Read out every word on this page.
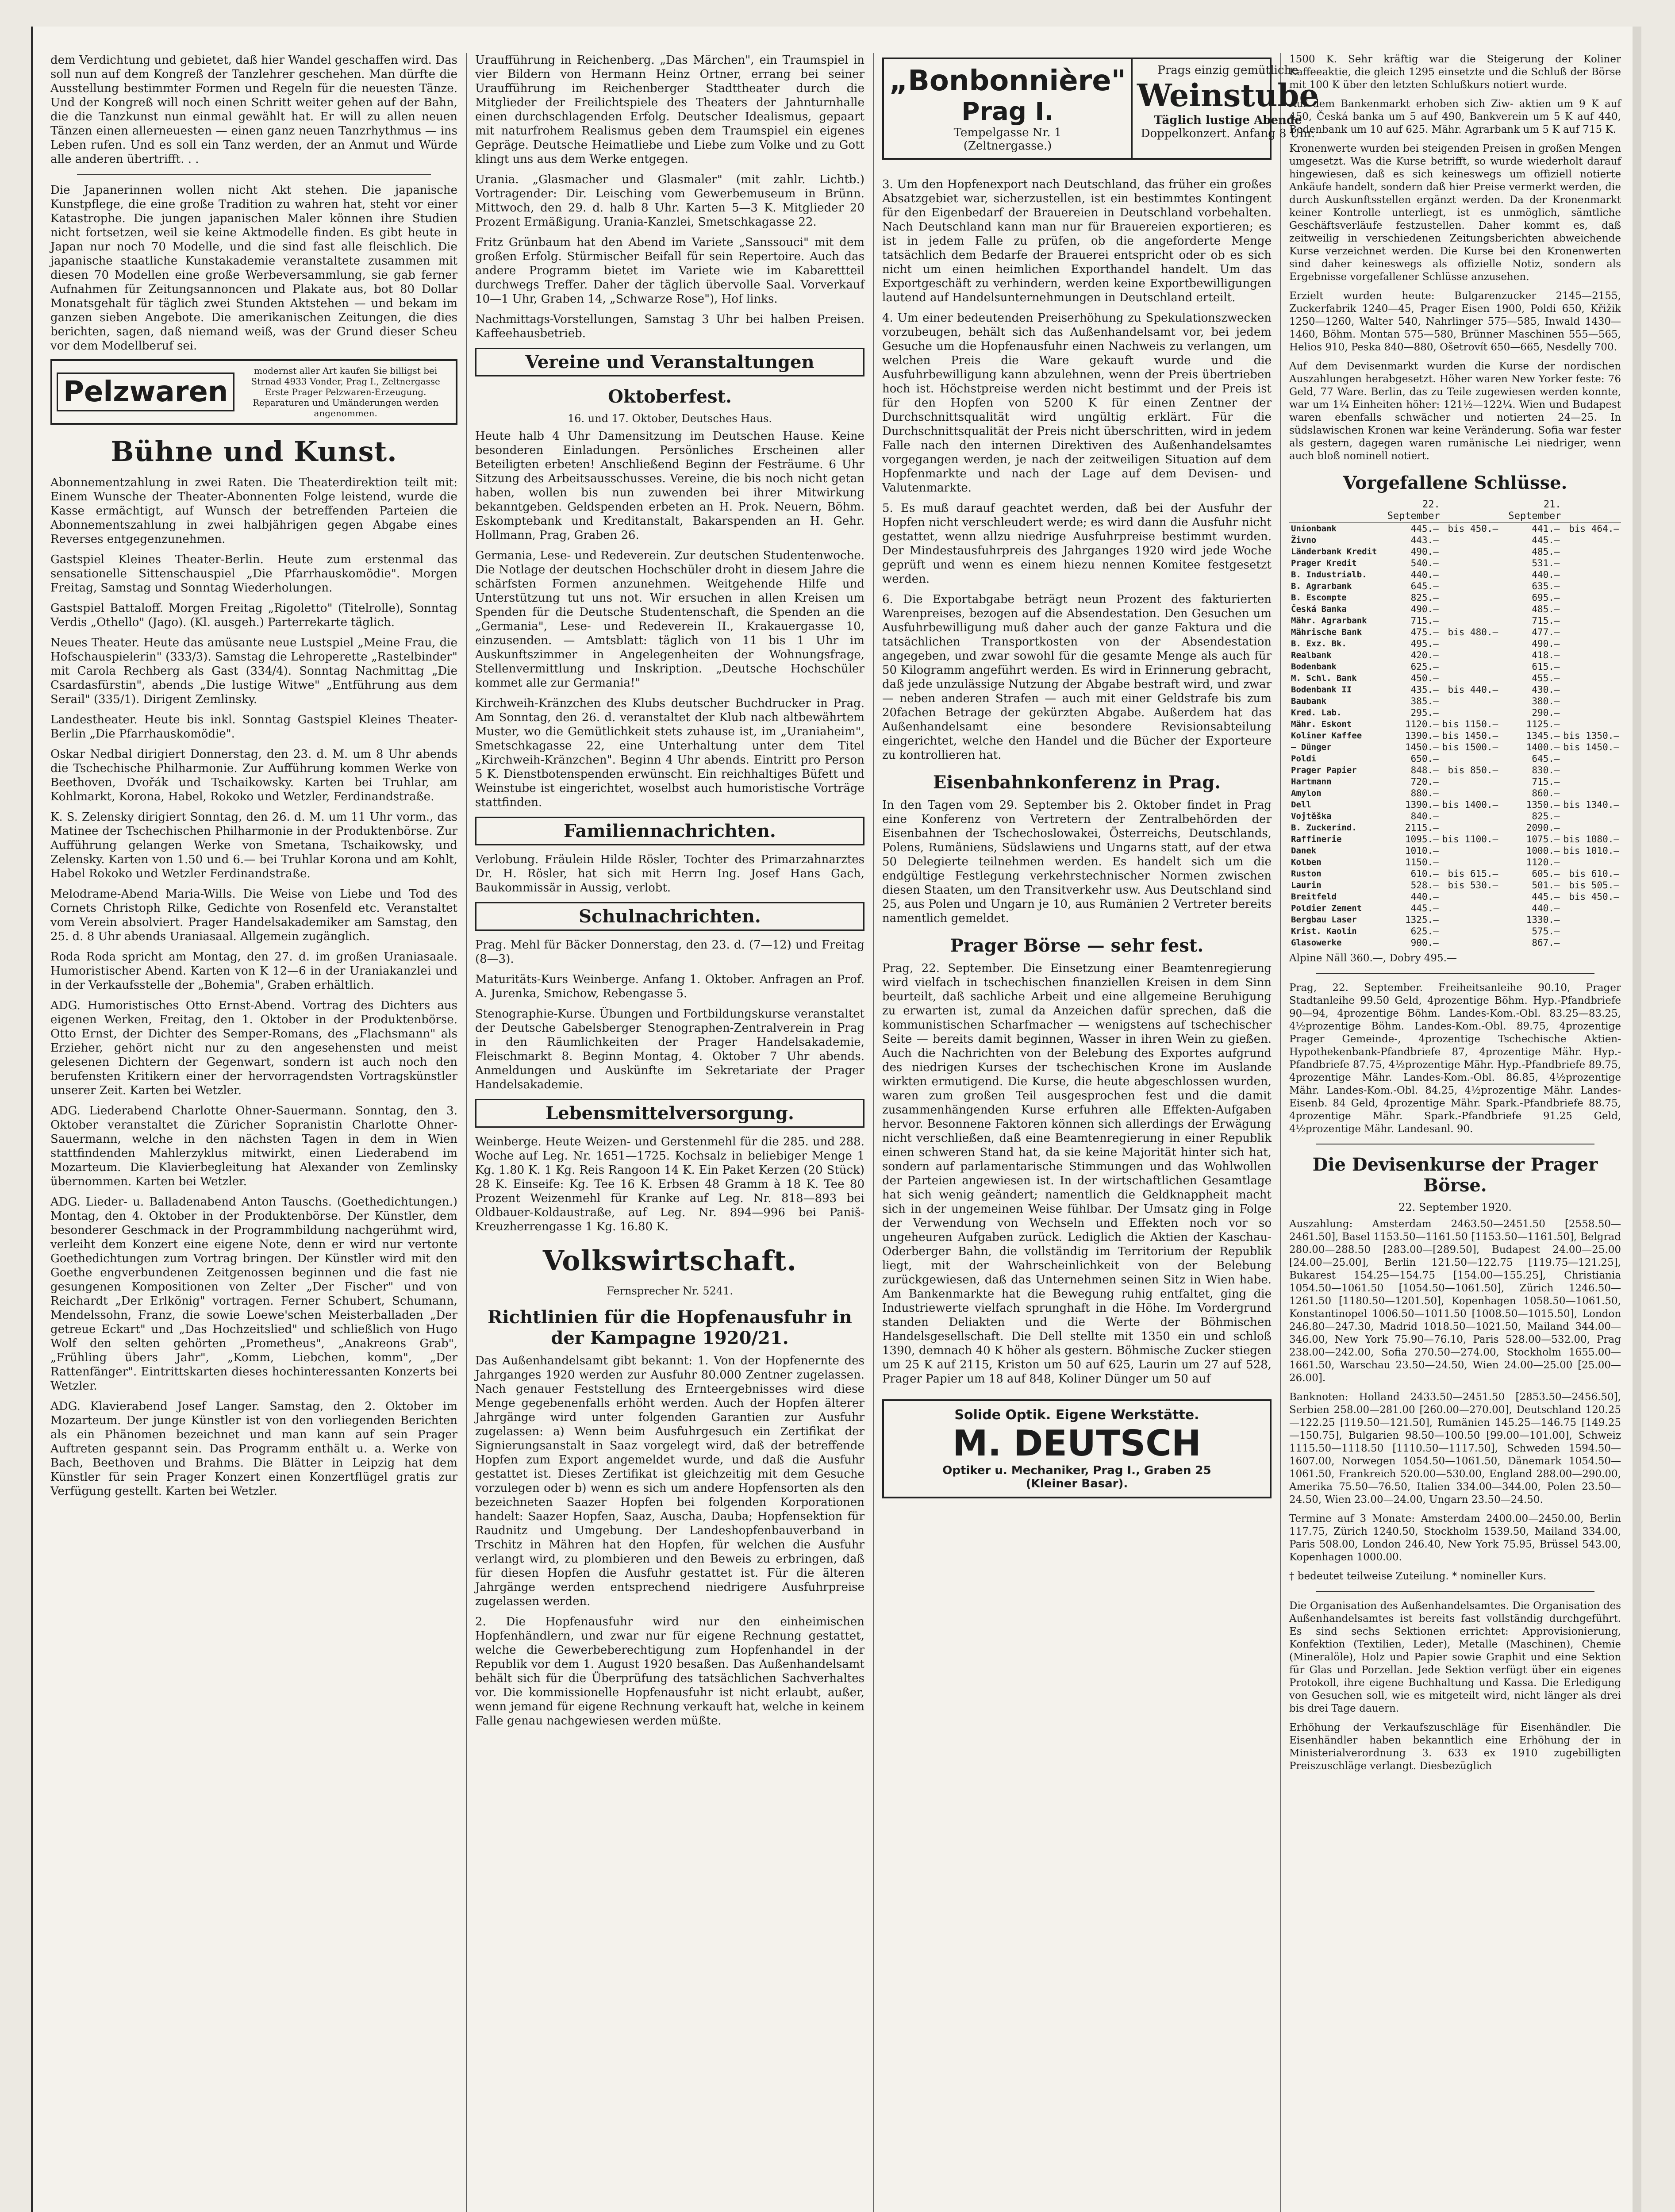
dem Verdichtung und gebietet, daß hier Wandel geschaffen wird. Das soll nun auf dem Kongreß der Tanzlehrer geschehen. Man dürfte die Ausstellung bestimmter Formen und Regeln für die neuesten Tänze. Und der Kongreß will noch einen Schritt weiter gehen auf der Bahn, die die Tanzkunst nun einmal gewählt hat. Er will zu allen neuen Tänzen einen allerneuesten — einen ganz neuen Tanzrhythmus — ins Leben rufen. Und es soll ein Tanz werden, der an Anmut und Würde alle anderen übertrifft. . .

Die Japanerinnen wollen nicht Akt stehen. Die japanische Kunstpflege, die eine große Tradition zu wahren hat, steht vor einer Katastrophe. Die jungen japanischen Maler können ihre Studien nicht fortsetzen, weil sie keine Aktmodelle finden. Es gibt heute in Japan nur noch 70 Modelle, und die sind fast alle fleischlich. Die japanische staatliche Kunstakademie veranstaltete zusammen mit diesen 70 Modellen eine große Werbeversammlung, sie gab ferner Aufnahmen für Zeitungsannoncen und Plakate aus, bot 80 Dollar Monatsgehalt für täglich zwei Stunden Aktstehen — und bekam im ganzen sieben Angebote. Die amerikanischen Zeitungen, die dies berichten, sagen, daß niemand weiß, was der Grund dieser Scheu vor dem Modellberuf sei.

Pelzwaren
modernst aller Art kaufen Sie billigst bei Strnad 4933 Vonder, Prag I., Zeltnergasse Erste Prager Pelzwaren-Erzeugung. Reparaturen und Umänderungen werden angenommen.
Bühne und Kunst.

Abonnementzahlung in zwei Raten. Die Theaterdirektion teilt mit: Einem Wunsche der Theater-Abonnenten Folge leistend, wurde die Kasse ermächtigt, auf Wunsch der betreffenden Parteien die Abonnementszahlung in zwei halbjährigen gegen Abgabe eines Reverses entgegenzunehmen.

Gastspiel Kleines Theater-Berlin. Heute zum erstenmal das sensationelle Sittenschauspiel „Die Pfarrhauskomödie". Morgen Freitag, Samstag und Sonntag Wiederholungen.

Gastspiel Battaloff. Morgen Freitag „Rigoletto" (Titelrolle), Sonntag Verdis „Othello" (Jago). (Kl. ausgeh.) Parterrekarte täglich.

Neues Theater. Heute das amüsante neue Lustspiel „Meine Frau, die Hofschauspielerin" (333/3). Samstag die Lehroperette „Rastelbinder" mit Carola Rechberg als Gast (334/4). Sonntag Nachmittag „Die Csardasfürstin", abends „Die lustige Witwe" „Entführung aus dem Serail" (335/1). Dirigent Zemlinsky.

Landestheater. Heute bis inkl. Sonntag Gastspiel Kleines Theater-Berlin „Die Pfarrhauskomödie".

Oskar Nedbal dirigiert Donnerstag, den 23. d. M. um 8 Uhr abends die Tschechische Philharmonie. Zur Aufführung kommen Werke von Beethoven, Dvořák und Tschaikowsky. Karten bei Truhlar, am Kohlmarkt, Korona, Habel, Rokoko und Wetzler, Ferdinandstraße.

K. S. Zelensky dirigiert Sonntag, den 26. d. M. um 11 Uhr vorm., das Matinee der Tschechischen Philharmonie in der Produktenbörse. Zur Aufführung gelangen Werke von Smetana, Tschaikowsky, und Zelensky. Karten von 1.50 und 6.— bei Truhlar Korona und am Kohlt, Habel Rokoko und Wetzler Ferdinandstraße.

Melodrame-Abend Maria-Wills. Die Weise von Liebe und Tod des Cornets Christoph Rilke, Gedichte von Rosenfeld etc. Veranstaltet vom Verein absolviert. Prager Handelsakademiker am Samstag, den 25. d. 8 Uhr abends Uraniasaal. Allgemein zugänglich.

Roda Roda spricht am Montag, den 27. d. im großen Uraniasaale. Humoristischer Abend. Karten von K 12—6 in der Uraniakanzlei und in der Verkaufsstelle der „Bohemia", Graben erhältlich.

ADG. Humoristisches Otto Ernst-Abend. Vortrag des Dichters aus eigenen Werken, Freitag, den 1. Oktober in der Produktenbörse. Otto Ernst, der Dichter des Semper-Romans, des „Flachsmann" als Erzieher, gehört nicht nur zu den angesehensten und meist gelesenen Dichtern der Gegenwart, sondern ist auch noch den berufensten Kritikern einer der hervorragendsten Vortragskünstler unserer Zeit. Karten bei Wetzler.

ADG. Liederabend Charlotte Ohner-Sauermann. Sonntag, den 3. Oktober veranstaltet die Züricher Sopranistin Charlotte Ohner-Sauermann, welche in den nächsten Tagen in dem in Wien stattfindenden Mahlerzyklus mitwirkt, einen Liederabend im Mozarteum. Die Klavierbegleitung hat Alexander von Zemlinsky übernommen. Karten bei Wetzler.

ADG. Lieder- u. Balladenabend Anton Tauschs. (Goethedichtungen.) Montag, den 4. Oktober in der Produktenbörse. Der Künstler, dem besonderer Geschmack in der Programmbildung nachgerühmt wird, verleiht dem Konzert eine eigene Note, denn er wird nur vertonte Goethedichtungen zum Vortrag bringen. Der Künstler wird mit den Goethe engverbundenen Zeitgenossen beginnen und die fast nie gesungenen Kompositionen von Zelter „Der Fischer" und von Reichardt „Der Erlkönig" vortragen. Ferner Schubert, Schumann, Mendelssohn, Franz, die sowie Loewe'schen Meisterballaden „Der getreue Eckart" und „Das Hochzeitslied" und schließlich von Hugo Wolf den selten gehörten „Prometheus", „Anakreons Grab", „Frühling übers Jahr", „Komm, Liebchen, komm", „Der Rattenfänger". Eintrittskarten dieses hochinteressanten Konzerts bei Wetzler.

ADG. Klavierabend Josef Langer. Samstag, den 2. Oktober im Mozarteum. Der junge Künstler ist von den vorliegenden Berichten als ein Phänomen bezeichnet und man kann auf sein Prager Auftreten gespannt sein. Das Programm enthält u. a. Werke von Bach, Beethoven und Brahms. Die Blätter in Leipzig hat dem Künstler für sein Prager Konzert einen Konzertflügel gratis zur Verfügung gestellt. Karten bei Wetzler.

Uraufführung in Reichenberg. „Das Märchen", ein Traumspiel in vier Bildern von Hermann Heinz Ortner, errang bei seiner Uraufführung im Reichenberger Stadttheater durch die Mitglieder der Freilichtspiele des Theaters der Jahnturnhalle einen durchschlagenden Erfolg. Deutscher Idealismus, gepaart mit naturfrohem Realismus geben dem Traumspiel ein eigenes Gepräge. Deutsche Heimatliebe und Liebe zum Volke und zu Gott klingt uns aus dem Werke entgegen.

Urania. „Glasmacher und Glasmaler" (mit zahlr. Lichtb.) Vortragender: Dir. Leisching vom Gewerbemuseum in Brünn. Mittwoch, den 29. d. halb 8 Uhr. Karten 5—3 K. Mitglieder 20 Prozent Ermäßigung. Urania-Kanzlei, Smetschkagasse 22.

Fritz Grünbaum hat den Abend im Variete „Sanssouci" mit dem großen Erfolg. Stürmischer Beifall für sein Repertoire. Auch das andere Programm bietet im Variete wie im Kabarettteil durchwegs Treffer. Daher der täglich übervolle Saal. Vorverkauf 10—1 Uhr, Graben 14, „Schwarze Rose"), Hof links.

Nachmittags-Vorstellungen, Samstag 3 Uhr bei halben Preisen. Kaffeehausbetrieb.

Vereine und Veranstaltungen
Oktoberfest.
16. und 17. Oktober, Deutsches Haus.

Heute halb 4 Uhr Damensitzung im Deutschen Hause. Keine besonderen Einladungen. Persönliches Erscheinen aller Beteiligten erbeten! Anschließend Beginn der Festräume. 6 Uhr Sitzung des Arbeitsausschusses. Vereine, die bis noch nicht getan haben, wollen bis nun zuwenden bei ihrer Mitwirkung bekanntgeben. Geldspenden erbeten an H. Prok. Neuern, Böhm. Eskomptebank und Kreditanstalt, Bakarspenden an H. Gehr. Hollmann, Prag, Graben 26.

Germania, Lese- und Redeverein. Zur deutschen Studentenwoche. Die Notlage der deutschen Hochschüler droht in diesem Jahre die schärfsten Formen anzunehmen. Weitgehende Hilfe und Unterstützung tut uns not. Wir ersuchen in allen Kreisen um Spenden für die Deutsche Studentenschaft, die Spenden an die „Germania", Lese- und Redeverein II., Krakauergasse 10, einzusenden. — Amtsblatt: täglich von 11 bis 1 Uhr im Auskunftszimmer in Angelegenheiten der Wohnungsfrage, Stellenvermittlung und Inskription. „Deutsche Hochschüler kommet alle zur Germania!"

Kirchweih-Kränzchen des Klubs deutscher Buchdrucker in Prag. Am Sonntag, den 26. d. veranstaltet der Klub nach altbewährtem Muster, wo die Gemütlichkeit stets zuhause ist, im „Uraniaheim", Smetschkagasse 22, eine Unterhaltung unter dem Titel „Kirchweih-Kränzchen". Beginn 4 Uhr abends. Eintritt pro Person 5 K. Dienstbotenspenden erwünscht. Ein reichhaltiges Büfett und Weinstube ist eingerichtet, woselbst auch humoristische Vorträge stattfinden.

Familiennachrichten.

Verlobung. Fräulein Hilde Rösler, Tochter des Primarzahnarztes Dr. H. Rösler, hat sich mit Herrn Ing. Josef Hans Gach, Baukommissär in Aussig, verlobt.

Schulnachrichten.

Prag. Mehl für Bäcker Donnerstag, den 23. d. (7—12) und Freitag (8—3).

Maturitäts-Kurs Weinberge. Anfang 1. Oktober. Anfragen an Prof. A. Jurenka, Smichow, Rebengasse 5.

Stenographie-Kurse. Übungen und Fortbildungskurse veranstaltet der Deutsche Gabelsberger Stenographen-Zentralverein in Prag in den Räumlichkeiten der Prager Handelsakademie, Fleischmarkt 8. Beginn Montag, 4. Oktober 7 Uhr abends. Anmeldungen und Auskünfte im Sekretariate der Prager Handelsakademie.

Lebensmittelversorgung.

Weinberge. Heute Weizen- und Gerstenmehl für die 285. und 288. Woche auf Leg. Nr. 1651—1725. Kochsalz in beliebiger Menge 1 Kg. 1.80 K. 1 Kg. Reis Rangoon 14 K. Ein Paket Kerzen (20 Stück) 28 K. Einseife: Kg. Tee 16 K. Erbsen 48 Gramm à 18 K. Tee 80 Prozent Weizenmehl für Kranke auf Leg. Nr. 818—893 bei Oldbauer-Koldaustraße, auf Leg. Nr. 894—996 bei Paniš-Kreuzherrengasse 1 Kg. 16.80 K.

Volkswirtschaft.
Fernsprecher Nr. 5241.
Richtlinien für die Hopfenausfuhr in der Kampagne 1920/21.

Das Außenhandelsamt gibt bekannt: 1. Von der Hopfenernte des Jahrganges 1920 werden zur Ausfuhr 80.000 Zentner zugelassen. Nach genauer Feststellung des Ernteergebnisses wird diese Menge gegebenenfalls erhöht werden. Auch der Hopfen älterer Jahrgänge wird unter folgenden Garantien zur Ausfuhr zugelassen: a) Wenn beim Ausfuhrgesuch ein Zertifikat der Signierungsanstalt in Saaz vorgelegt wird, daß der betreffende Hopfen zum Export angemeldet wurde, und daß die Ausfuhr gestattet ist. Dieses Zertifikat ist gleichzeitig mit dem Gesuche vorzulegen oder b) wenn es sich um andere Hopfensorten als den bezeichneten Saazer Hopfen bei folgenden Korporationen handelt: Saazer Hopfen, Saaz, Auscha, Dauba; Hopfensektion für Raudnitz und Umgebung. Der Landeshopfenbauverband in Trschitz in Mähren hat den Hopfen, für welchen die Ausfuhr verlangt wird, zu plombieren und den Beweis zu erbringen, daß für diesen Hopfen die Ausfuhr gestattet ist. Für die älteren Jahrgänge werden entsprechend niedrigere Ausfuhrpreise zugelassen werden.

2. Die Hopfenausfuhr wird nur den einheimischen Hopfenhändlern, und zwar nur für eigene Rechnung gestattet, welche die Gewerbeberechtigung zum Hopfenhandel in der Republik vor dem 1. August 1920 besaßen. Das Außenhandelsamt behält sich für die Überprüfung des tatsächlichen Sachverhaltes vor. Die kommissionelle Hopfenausfuhr ist nicht erlaubt, außer, wenn jemand für eigene Rechnung verkauft hat, welche in keinem Falle genau nachgewiesen werden müßte.

„Bonbonnière"
Prag I.
Tempelgasse Nr. 1
(Zeltnergasse.)
Prags einzig gemütliche
Weinstube
Täglich lustige Abende
Doppelkonzert. Anfang 8 Uhr.

3. Um den Hopfenexport nach Deutschland, das früher ein großes Absatzgebiet war, sicherzustellen, ist ein bestimmtes Kontingent für den Eigenbedarf der Brauereien in Deutschland vorbehalten. Nach Deutschland kann man nur für Brauereien exportieren; es ist in jedem Falle zu prüfen, ob die angeforderte Menge tatsächlich dem Bedarfe der Brauerei entspricht oder ob es sich nicht um einen heimlichen Exporthandel handelt. Um das Exportgeschäft zu verhindern, werden keine Exportbewilligungen lautend auf Handelsunternehmungen in Deutschland erteilt.

4. Um einer bedeutenden Preiserhöhung zu Spekulationszwecken vorzubeugen, behält sich das Außenhandelsamt vor, bei jedem Gesuche um die Hopfenausfuhr einen Nachweis zu verlangen, um welchen Preis die Ware gekauft wurde und die Ausfuhrbewilligung kann abzulehnen, wenn der Preis übertrieben hoch ist. Höchstpreise werden nicht bestimmt und der Preis ist für den Hopfen von 5200 K für einen Zentner der Durchschnittsqualität wird ungültig erklärt. Für die Durchschnittsqualität der Preis nicht überschritten, wird in jedem Falle nach den internen Direktiven des Außenhandelsamtes vorgegangen werden, je nach der zeitweiligen Situation auf dem Hopfenmarkte und nach der Lage auf dem Devisen- und Valutenmarkte.

5. Es muß darauf geachtet werden, daß bei der Ausfuhr der Hopfen nicht verschleudert werde; es wird dann die Ausfuhr nicht gestattet, wenn allzu niedrige Ausfuhrpreise bestimmt wurden. Der Mindestausfuhrpreis des Jahrganges 1920 wird jede Woche geprüft und wenn es einem hiezu nennen Komitee festgesetzt werden.

6. Die Exportabgabe beträgt neun Prozent des fakturierten Warenpreises, bezogen auf die Absendestation. Den Gesuchen um Ausfuhrbewilligung muß daher auch der ganze Faktura und die tatsächlichen Transportkosten von der Absendestation angegeben, und zwar sowohl für die gesamte Menge als auch für 50 Kilogramm angeführt werden. Es wird in Erinnerung gebracht, daß jede unzulässige Nutzung der Abgabe bestraft wird, und zwar — neben anderen Strafen — auch mit einer Geldstrafe bis zum 20fachen Betrage der gekürzten Abgabe. Außerdem hat das Außenhandelsamt eine besondere Revisionsabteilung eingerichtet, welche den Handel und die Bücher der Exporteure zu kontrollieren hat.

Eisenbahnkonferenz in Prag.

In den Tagen vom 29. September bis 2. Oktober findet in Prag eine Konferenz von Vertretern der Zentralbehörden der Eisenbahnen der Tschechoslowakei, Österreichs, Deutschlands, Polens, Rumäniens, Südslawiens und Ungarns statt, auf der etwa 50 Delegierte teilnehmen werden. Es handelt sich um die endgültige Festlegung verkehrstechnischer Normen zwischen diesen Staaten, um den Transitverkehr usw. Aus Deutschland sind 25, aus Polen und Ungarn je 10, aus Rumänien 2 Vertreter bereits namentlich gemeldet.

Prager Börse — sehr fest.

Prag, 22. September. Die Einsetzung einer Beamtenregierung wird vielfach in tschechischen finanziellen Kreisen in dem Sinn beurteilt, daß sachliche Arbeit und eine allgemeine Beruhigung zu erwarten ist, zumal da Anzeichen dafür sprechen, daß die kommunistischen Scharfmacher — wenigstens auf tschechischer Seite — bereits damit beginnen, Wasser in ihren Wein zu gießen. Auch die Nachrichten von der Belebung des Exportes aufgrund des niedrigen Kurses der tschechischen Krone im Auslande wirkten ermutigend. Die Kurse, die heute abgeschlossen wurden, waren zum großen Teil ausgesprochen fest und die damit zusammenhängenden Kurse erfuhren alle Effekten-Aufgaben hervor. Besonnene Faktoren können sich allerdings der Erwägung nicht verschließen, daß eine Beamtenregierung in einer Republik einen schweren Stand hat, da sie keine Majorität hinter sich hat, sondern auf parlamentarische Stimmungen und das Wohlwollen der Parteien angewiesen ist. In der wirtschaftlichen Gesamtlage hat sich wenig geändert; namentlich die Geldknappheit macht sich in der ungemeinen Weise fühlbar. Der Umsatz ging in Folge der Verwendung von Wechseln und Effekten noch vor so ungeheuren Aufgaben zurück. Lediglich die Aktien der Kaschau-Oderberger Bahn, die vollständig im Territorium der Republik liegt, mit der Wahrscheinlichkeit von der Belebung zurückgewiesen, daß das Unternehmen seinen Sitz in Wien habe. Am Bankenmarkte hat die Bewegung ruhig entfaltet, ging die Industriewerte vielfach sprunghaft in die Höhe. Im Vordergrund standen Deliakten und die Werte der Böhmischen Handelsgesellschaft. Die Dell stellte mit 1350 ein und schloß 1390, demnach 40 K höher als gestern. Böhmische Zucker stiegen um 25 K auf 2115, Kriston um 50 auf 625, Laurin um 27 auf 528, Prager Papier um 18 auf 848, Koliner Dünger um 50 auf

Solide Optik. Eigene Werkstätte.
M. DEUTSCH
Optiker u. Mechaniker, Prag I., Graben 25
(Kleiner Basar).

1500 K. Sehr kräftig war die Steigerung der Koliner Kaffeeaktie, die gleich 1295 einsetzte und die Schluß der Börse mit 100 K über den letzten Schlußkurs notiert wurde.

Auf dem Bankenmarkt erhoben sich Ziw- aktien um 9 K auf 450, Česká banka um 5 auf 490, Bankverein um 5 K auf 440, Bodenbank um 10 auf 625. Mähr. Agrarbank um 5 K auf 715 K.

Kronenwerte wurden bei steigenden Preisen in großen Mengen umgesetzt. Was die Kurse betrifft, so wurde wiederholt darauf hingewiesen, daß es sich keineswegs um offiziell notierte Ankäufe handelt, sondern daß hier Preise vermerkt werden, die durch Auskunftsstellen ergänzt werden. Da der Kronenmarkt keiner Kontrolle unterliegt, ist es unmöglich, sämtliche Geschäftsverläufe festzustellen. Daher kommt es, daß zeitweilig in verschiedenen Zeitungsberichten abweichende Kurse verzeichnet werden. Die Kurse bei den Kronenwerten sind daher keineswegs als offizielle Notiz, sondern als Ergebnisse vorgefallener Schlüsse anzusehen.

Erzielt wurden heute: Bulgarenzucker 2145—2155, Zuckerfabrik 1240—45, Prager Eisen 1900, Poldi 650, Křižik 1250—1260, Walter 540, Nahrlinger 575—585, Inwald 1430—1460, Böhm. Montan 575—580, Brünner Maschinen 555—565, Helios 910, Peska 840—880, Ošetrovít 650—665, Nesdelly 700.

Auf dem Devisenmarkt wurden die Kurse der nordischen Auszahlungen herabgesetzt. Höher waren New Yorker feste: 76 Geld, 77 Ware. Berlin, das zu Teile zugewiesen werden konnte, war um 1¼ Einheiten höher: 121½—122¼. Wien und Budapest waren ebenfalls schwächer und notierten 24—25. In südslawischen Kronen war keine Veränderung. Sofia war fester als gestern, dagegen waren rumänische Lei niedriger, wenn auch bloß nominell notiert.

Vorgefallene Schlüsse.
	22. September		21. September	
Unionbank	445.—	bis 450.—	441.—	bis 464.—
Živno	443.—		445.—	
Länderbank Kredit	490.—		485.—	
Prager Kredit	540.—		531.—	
B. Industrialb.	440.—		440.—	
B. Agrarbank	645.—		635.—	
B. Escompte	825.—		695.—	
Česká Banka	490.—		485.—	
Mähr. Agrarbank	715.—		715.—	
Mährische Bank	475.—	bis 480.—	477.—	
B. Exz. Bk.	495.—		490.—	
Realbank	420.—		418.—	
Bodenbank	625.—		615.—	
M. Schl. Bank	450.—		455.—	
Bodenbank II	435.—	bis 440.—	430.—	
Baubank	385.—		380.—	
Kred. Lab.	295.—		290.—	
Mähr. Eskont	1120.—	bis 1150.—	1125.—	
Koliner Kaffee	1390.—	bis 1450.—	1345.—	bis 1350.—
— Dünger	1450.—	bis 1500.—	1400.—	bis 1450.—
Poldi	650.—		645.—	
Prager Papier	848.—	bis 850.—	830.—	
Hartmann	720.—		715.—	
Amylon	880.—		860.—	
Dell	1390.—	bis 1400.—	1350.—	bis 1340.—
Vojtěška	840.—		825.—	
B. Zuckerind.	2115.—		2090.—	
Raffinerie	1095.—	bis 1100.—	1075.—	bis 1080.—
Danek	1010.—		1000.—	bis 1010.—
Kolben	1150.—		1120.—	
Ruston	610.—	bis 615.—	605.—	bis 610.—
Laurin	528.—	bis 530.—	501.—	bis 505.—
Breitfeld	440.—		445.—	bis 450.—
Poldier Zement	445.—		440.—	
Bergbau Laser	1325.—		1330.—	
Krist. Kaolin	625.—		575.—	
Glasowerke	900.—		867.—	

Alpine Näll 360.—, Dobry 495.—

Prag, 22. September. Freiheitsanleihe 90.10, Prager Stadtanleihe 99.50 Geld, 4prozentige Böhm. Hyp.-Pfandbriefe 90—94, 4prozentige Böhm. Landes-Kom.-Obl. 83.25—83.25, 4½prozentige Böhm. Landes-Kom.-Obl. 89.75, 4prozentige Prager Gemeinde-, 4prozentige Tschechische Aktien-Hypothekenbank-Pfandbriefe 87, 4prozentige Mähr. Hyp.-Pfandbriefe 87.75, 4½prozentige Mähr. Hyp.-Pfandbriefe 89.75, 4prozentige Mähr. Landes-Kom.-Obl. 86.85, 4½prozentige Mähr. Landes-Kom.-Obl. 84.25, 4½prozentige Mähr. Landes-Eisenb. 84 Geld, 4prozentige Mähr. Spark.-Pfandbriefe 88.75, 4prozentige Mähr. Spark.-Pfandbriefe 91.25 Geld, 4½prozentige Mähr. Landesanl. 90.

Die Devisenkurse der Prager Börse.
22. September 1920.

Auszahlung: Amsterdam 2463.50—2451.50 [2558.50—2461.50], Basel 1153.50—1161.50 [1153.50—1161.50], Belgrad 280.00—288.50 [283.00—[289.50], Budapest 24.00—25.00 [24.00—25.00], Berlin 121.50—122.75 [119.75—121.25], Bukarest 154.25—154.75 [154.00—155.25], Christiania 1054.50—1061.50 [1054.50—1061.50], Zürich 1246.50—1261.50 [1180.50—1201.50], Kopenhagen 1058.50—1061.50, Konstantinopel 1006.50—1011.50 [1008.50—1015.50], London 246.80—247.30, Madrid 1018.50—1021.50, Mailand 344.00—346.00, New York 75.90—76.10, Paris 528.00—532.00, Prag 238.00—242.00, Sofia 270.50—274.00, Stockholm 1655.00—1661.50, Warschau 23.50—24.50, Wien 24.00—25.00 [25.00—26.00].

Banknoten: Holland 2433.50—2451.50 [2853.50—2456.50], Serbien 258.00—281.00 [260.00—270.00], Deutschland 120.25—122.25 [119.50—121.50], Rumänien 145.25—146.75 [149.25—150.75], Bulgarien 98.50—100.50 [99.00—101.00], Schweiz 1115.50—1118.50 [1110.50—1117.50], Schweden 1594.50—1607.00, Norwegen 1054.50—1061.50, Dänemark 1054.50—1061.50, Frankreich 520.00—530.00, England 288.00—290.00, Amerika 75.50—76.50, Italien 334.00—344.00, Polen 23.50—24.50, Wien 23.00—24.00, Ungarn 23.50—24.50.

Termine auf 3 Monate: Amsterdam 2400.00—2450.00, Berlin 117.75, Zürich 1240.50, Stockholm 1539.50, Mailand 334.00, Paris 508.00, London 246.40, New York 75.95, Brüssel 543.00, Kopenhagen 1000.00.

† bedeutet teilweise Zuteilung. * nomineller Kurs.

Die Organisation des Außenhandelsamtes. Die Organisation des Außenhandelsamtes ist bereits fast vollständig durchgeführt. Es sind sechs Sektionen errichtet: Approvisionierung, Konfektion (Textilien, Leder), Metalle (Maschinen), Chemie (Mineralöle), Holz und Papier sowie Graphit und eine Sektion für Glas und Porzellan. Jede Sektion verfügt über ein eigenes Protokoll, ihre eigene Buchhaltung und Kassa. Die Erledigung von Gesuchen soll, wie es mitgeteilt wird, nicht länger als drei bis drei Tage dauern.

Erhöhung der Verkaufszuschläge für Eisenhändler. Die Eisenhändler haben bekanntlich eine Erhöhung der in Ministerialverordnung 3. 633 ex 1910 zugebilligten Preiszuschläge verlangt. Diesbezüglich
